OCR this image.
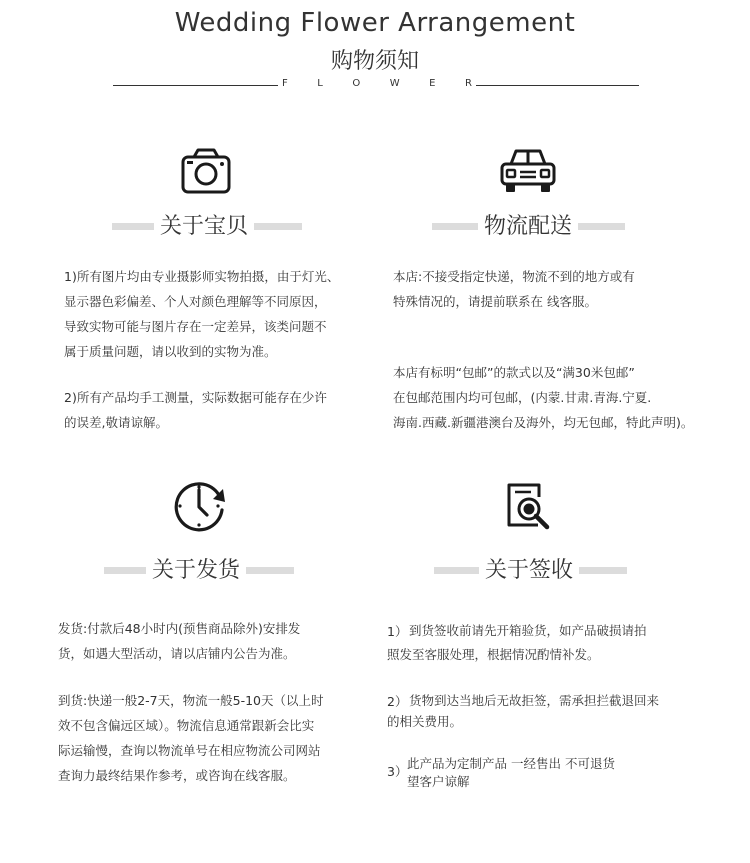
Wedding Flower Arrangement
购物须知
F	L	O	W	E	R
关于宝贝
1)所有图片均由专业摄影师实物拍摄，由于灯光、
显示器色彩偏差、个人对颜色理解等不同原因，
导致实物可能与图片存在一定差异，该类问题不
属于质量问题，请以收到的实物为准。
2)所有产品均手工测量，实际数据可能存在少许
的误差,敬请谅解。
物流配送
本店:不接受指定快递，物流不到的地方或有
特殊情况的，请提前联系在 线客服。
本店有标明“包邮”的款式以及“满30米包邮”
在包邮范围内均可包邮，(内蒙.甘肃.青海.宁夏.
海南.西藏.新疆港澳台及海外，均无包邮，特此声明)。
关于发货
发货:付款后48小时内(预售商品除外)安排发
货，如遇大型活动，请以店铺内公告为准。
到货:快递一般2-7天，物流一般5-10天（以上时
效不包含偏远区域）。物流信息通常跟新会比实
际运输慢，查询以物流单号在相应物流公司网站
查询力最终结果作参考，或咨询在线客服。
关于签收
1） 到货签收前请先开箱验货，如产品破损请拍
照发至客服处理，根据情况酌情补发。
2） 货物到达当地后无故拒签，需承担拦截退回来
的相关费用。
3）
此产品为定制产品 一经售出 不可退货
望客户谅解
